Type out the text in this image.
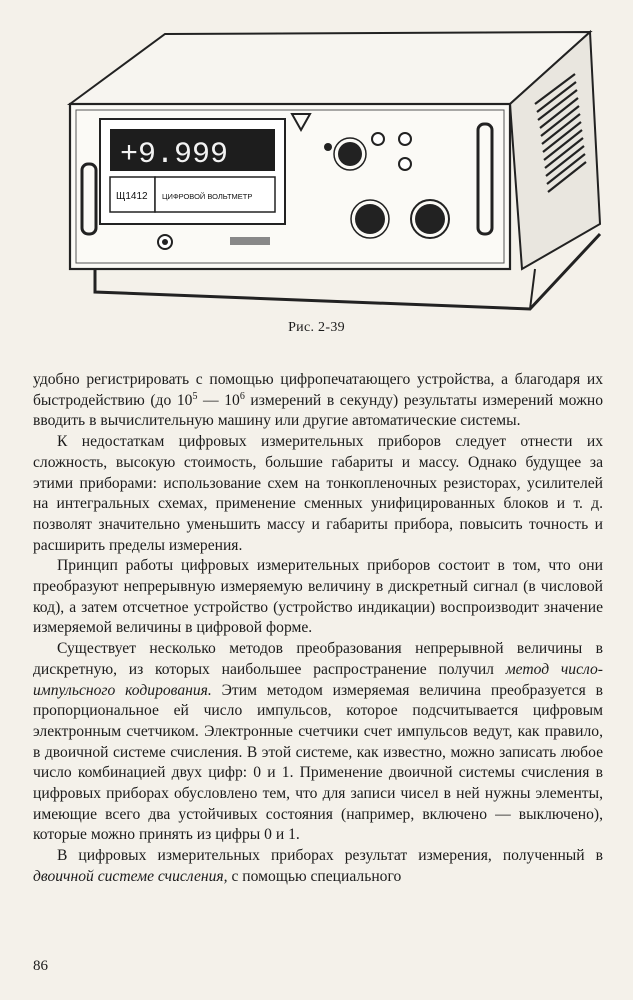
+9.999
Щ1412 ЦИФРОВОЙ ВОЛЬТМЕТР
Рис. 2-39

удобно регистрировать с помощью цифропечатающего устройства, а благодаря их быстродействию (до $10^5$ — $10^6$ измерений в секунду) результаты измерений можно вводить в вычислительную машину или другие автоматические системы.

К недостаткам цифровых измерительных приборов следует отнести их сложность, высокую стоимость, большие габариты и массу. Однако будущее за этими приборами: использование схем на тонкопленочных резисторах, усилителей на интегральных схемах, применение сменных унифицированных блоков и т. д. позволят значительно уменьшить массу и габариты прибора, повысить точность и расширить пределы измерения.

Принцип работы цифровых измерительных приборов состоит в том, что они преобразуют непрерывную измеряемую величину в дискретный сигнал (в числовой код), а затем отсчетное устройство (устройство индикации) воспроизводит значение измеряемой величины в цифровой форме.

Существует несколько методов преобразования непрерывной величины в дискретную, из которых наибольшее распространение получил метод число-импульсного кодирования. Этим методом измеряемая величина преобразуется в пропорциональное ей число импульсов, которое подсчитывается цифровым электронным счетчиком. Электронные счетчики счет импульсов ведут, как правило, в двоичной системе счисления. В этой системе, как известно, можно записать любое число комбинацией двух цифр: 0 и 1. Применение двоичной системы счисления в цифровых приборах обусловлено тем, что для записи чисел в ней нужны элементы, имеющие всего два устойчивых состояния (например, включено — выключено), которые можно принять из цифры 0 и 1.

В цифровых измерительных приборах результат измерения, полученный в двоичной системе счисления, с помощью специального

86
